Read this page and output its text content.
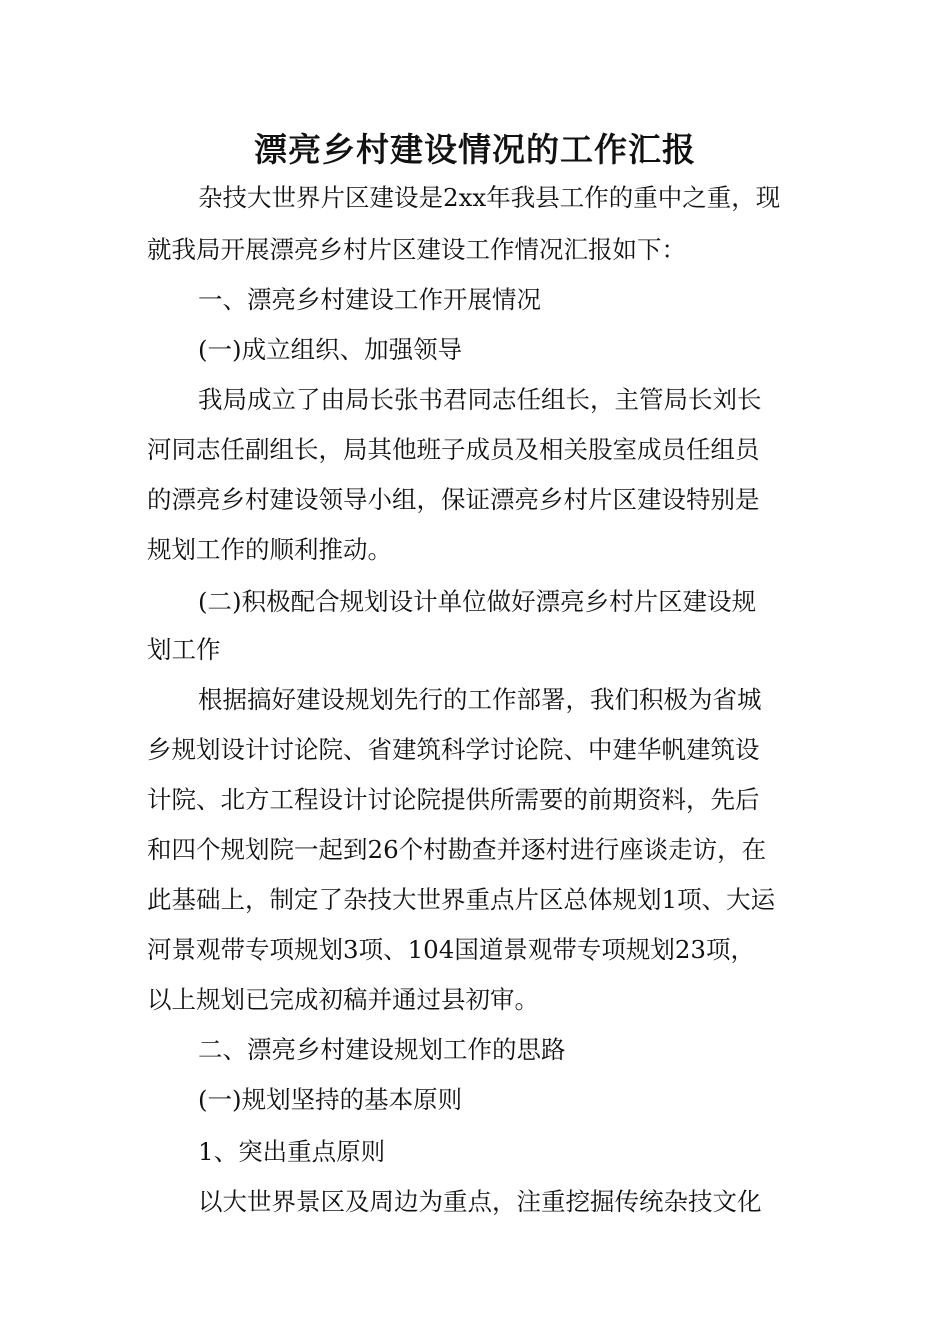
漂亮乡村建设情况的工作汇报
杂技大世界片区建设是2xx年我县工作的重中之重，现
就我局开展漂亮乡村片区建设工作情况汇报如下：
一、漂亮乡村建设工作开展情况
(一)成立组织、加强领导
我局成立了由局长张书君同志任组长，主管局长刘长
河同志任副组长，局其他班子成员及相关股室成员任组员
的漂亮乡村建设领导小组，保证漂亮乡村片区建设特别是
规划工作的顺利推动。
(二)积极配合规划设计单位做好漂亮乡村片区建设规
划工作
根据搞好建设规划先行的工作部署，我们积极为省城
乡规划设计讨论院、省建筑科学讨论院、中建华帆建筑设
计院、北方工程设计讨论院提供所需要的前期资料，先后
和四个规划院一起到26个村勘查并逐村进行座谈走访，在
此基础上，制定了杂技大世界重点片区总体规划1项、大运
河景观带专项规划3项、104国道景观带专项规划23项，
以上规划已完成初稿并通过县初审。
二、漂亮乡村建设规划工作的思路
(一)规划坚持的基本原则
1、突出重点原则
以大世界景区及周边为重点，注重挖掘传统杂技文化
